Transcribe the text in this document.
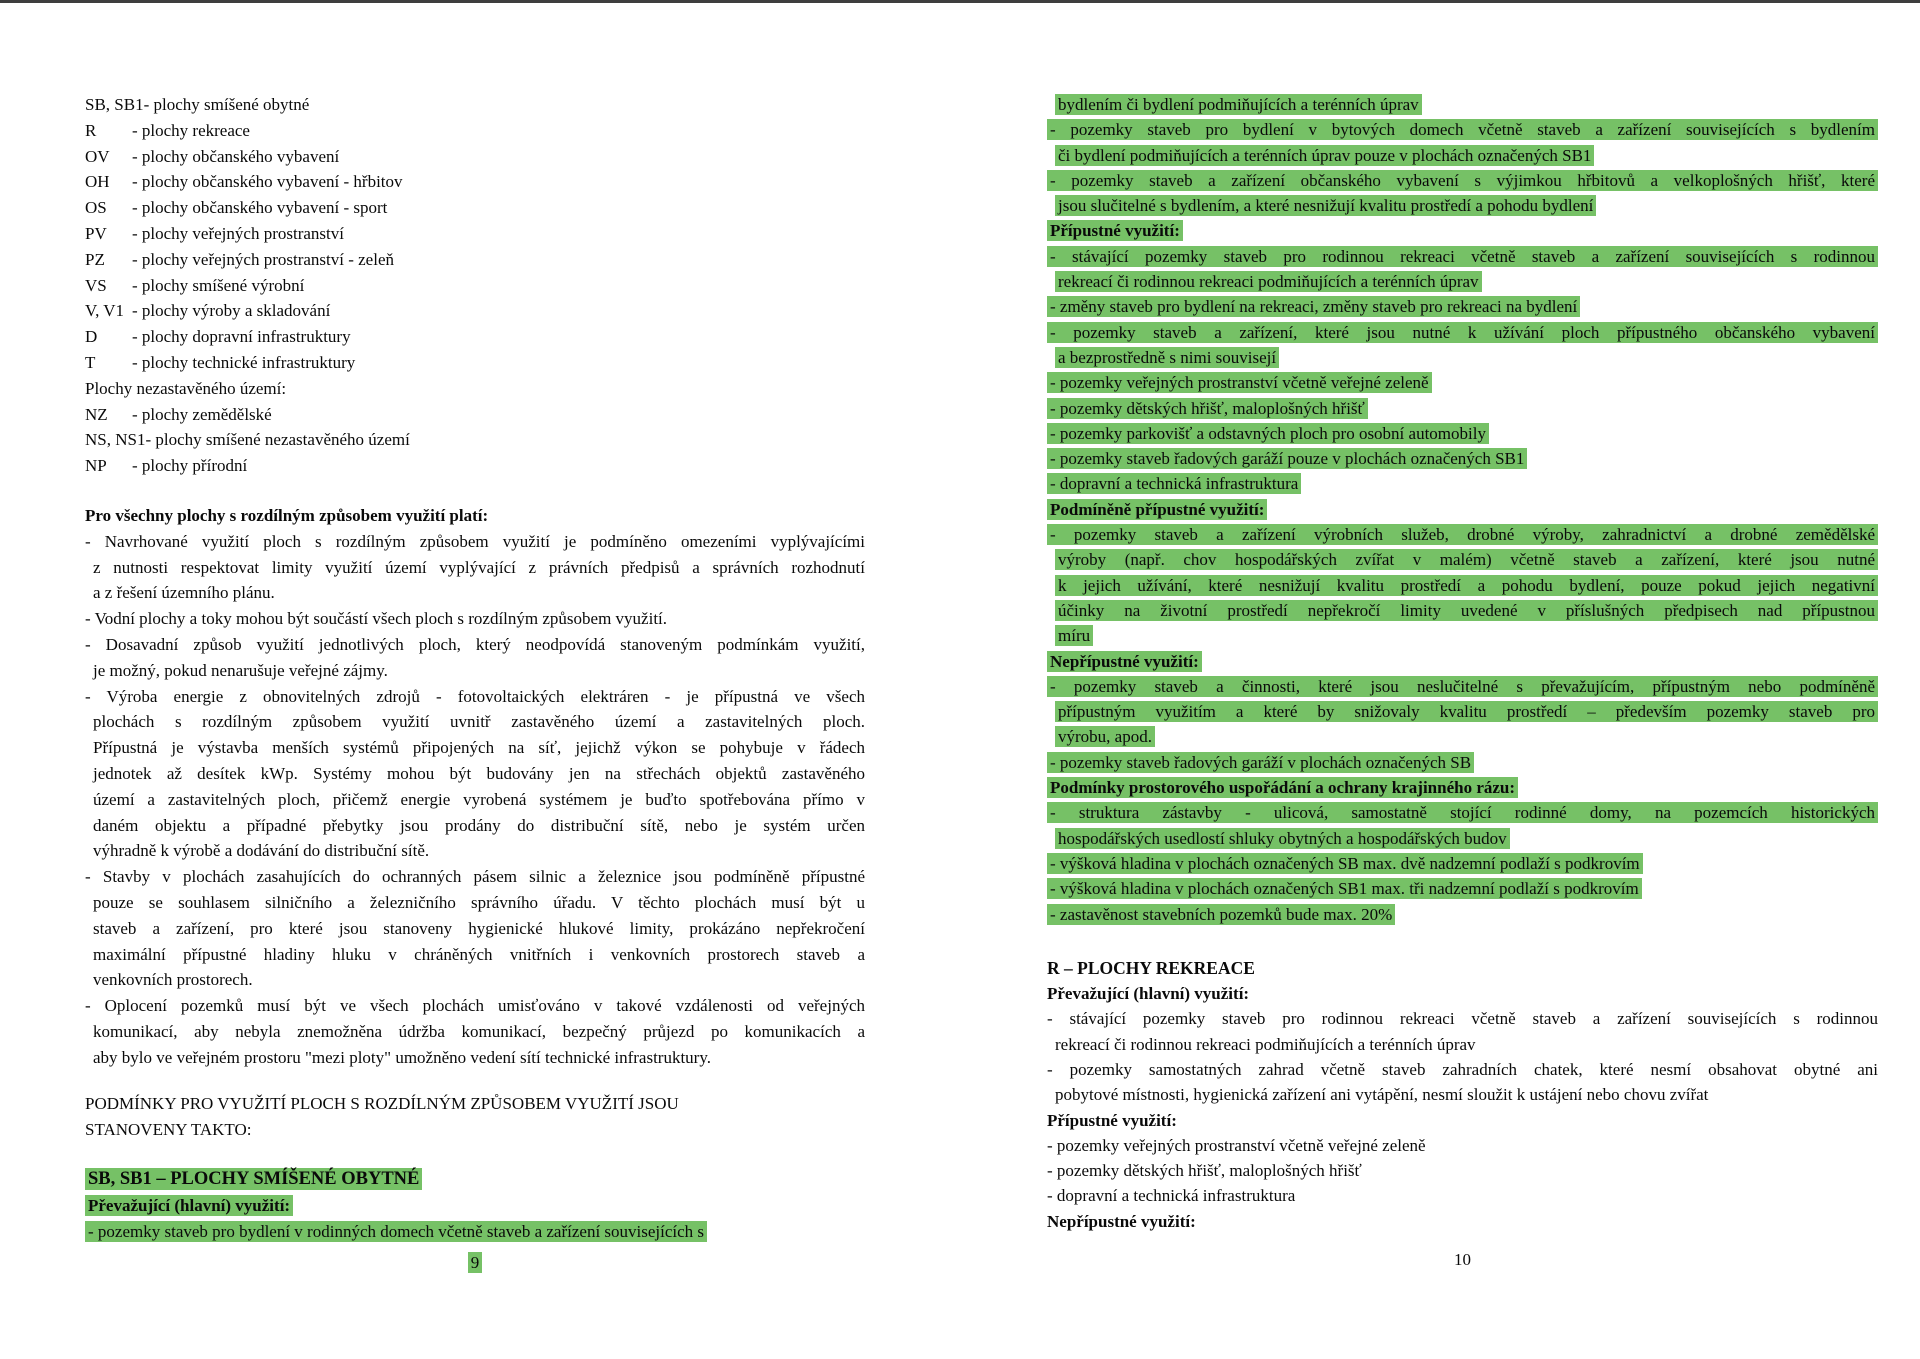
SB, SB1 - plochy smíšené obytné
R	- plochy rekreace
OV	- plochy občanského vybavení
OH	- plochy občanského vybavení - hřbitov
OS	- plochy občanského vybavení - sport
PV	- plochy veřejných prostranství
PZ	- plochy veřejných prostranství - zeleň
VS	- plochy smíšené výrobní
V, V1 - plochy výroby a skladování
D	- plochy dopravní infrastruktury
T	- plochy technické infrastruktury
Plochy nezastavěného území:
NZ	- plochy zemědělské
NS, NS1 - plochy smíšené nezastavěného území
NP	- plochy přírodní
Pro všechny plochy s rozdílným způsobem využití platí:
- Navrhované využití ploch s rozdílným způsobem využití je podmíněno omezeními vyplývajícími
z nutnosti respektovat limity využití území vyplývající z právních předpisů a správních rozhodnutí
a z řešení územního plánu.
- Vodní plochy a toky mohou být součástí všech ploch s rozdílným způsobem využití.
- Dosavadní způsob využití jednotlivých ploch, který neodpovídá stanoveným podmínkám využití,
je možný, pokud nenarušuje veřejné zájmy.
- Výroba energie z obnovitelných zdrojů - fotovoltaických elektráren - je přípustná ve všech
plochách s rozdílným způsobem využití uvnitř zastavěného území a zastavitelných ploch.
Přípustná je výstavba menších systémů připojených na síť, jejichž výkon se pohybuje v řádech
jednotek až desítek kWp. Systémy mohou být budovány jen na střechách objektů zastavěného
území a zastavitelných ploch, přičemž energie vyrobená systémem je buďto spotřebována přímo v
daném objektu a případné přebytky jsou prodány do distribuční sítě, nebo je systém určen
výhradně k výrobě a dodávání do distribuční sítě.
- Stavby v plochách zasahujících do ochranných pásem silnic a železnice jsou podmíněně přípustné
pouze se souhlasem silničního a železničního správního úřadu. V těchto plochách musí být u
staveb a zařízení, pro které jsou stanoveny hygienické hlukové limity, prokázáno nepřekročení
maximální přípustné hladiny hluku v chráněných vnitřních i venkovních prostorech staveb a
venkovních prostorech.
- Oplocení pozemků musí být ve všech plochách umisťováno v takové vzdálenosti od veřejných
komunikací, aby nebyla znemožněna údržba komunikací, bezpečný průjezd po komunikacích a
aby bylo ve veřejném prostoru "mezi ploty" umožněno vedení sítí technické infrastruktury.
PODMÍNKY PRO VYUŽITÍ PLOCH S ROZDÍLNÝM ZPŮSOBEM VYUŽITÍ JSOU
STANOVENY TAKTO:
SB, SB1 – PLOCHY SMÍŠENÉ OBYTNÉ
Převažující (hlavní) využití:
- pozemky staveb pro bydlení v rodinných domech včetně staveb a zařízení souvisejících s
9
bydlením či bydlení podmiňujících a terénních úprav
- pozemky staveb pro bydlení v bytových domech včetně staveb a zařízení souvisejících s bydlením
či bydlení podmiňujících a terénních úprav pouze v plochách označených SB1
- pozemky staveb a zařízení občanského vybavení s výjimkou hřbitovů a velkoplošných hřišť, které
jsou slučitelné s bydlením, a které nesnižují kvalitu prostředí a pohodu bydlení
Přípustné využití:
- stávající pozemky staveb pro rodinnou rekreaci včetně staveb a zařízení souvisejících s rodinnou
rekreací či rodinnou rekreaci podmiňujících a terénních úprav
- změny staveb pro bydlení na rekreaci, změny staveb pro rekreaci na bydlení
- pozemky staveb a zařízení, které jsou nutné k užívání ploch přípustného občanského vybavení
a bezprostředně s nimi souvisejí
- pozemky veřejných prostranství včetně veřejné zeleně
- pozemky dětských hřišť, maloplošných hřišť
- pozemky parkovišť a odstavných ploch pro osobní automobily
- pozemky staveb řadových garáží pouze v plochách označených SB1
- dopravní a technická infrastruktura
Podmíněně přípustné využití:
- pozemky staveb a zařízení výrobních služeb, drobné výroby, zahradnictví a drobné zemědělské
výroby (např. chov hospodářských zvířat v malém) včetně staveb a zařízení, které jsou nutné
k jejich užívání, které nesnižují kvalitu prostředí a pohodu bydlení, pouze pokud jejich negativní
účinky na životní prostředí nepřekročí limity uvedené v příslušných předpisech nad přípustnou
míru
Nepřípustné využití:
- pozemky staveb a činnosti, které jsou neslučitelné s převažujícím, přípustným nebo podmíněně
přípustným využitím a které by snižovaly kvalitu prostředí – především pozemky staveb pro
výrobu, apod.
- pozemky staveb řadových garáží v plochách označených SB
Podmínky prostorového uspořádání a ochrany krajinného rázu:
- struktura zástavby - ulicová, samostatně stojící rodinné domy, na pozemcích historických
hospodářských usedlostí shluky obytných a hospodářských budov
- výšková hladina v plochách označených SB max. dvě nadzemní podlaží s podkrovím
- výšková hladina v plochách označených SB1 max. tři nadzemní podlaží s podkrovím
- zastavěnost stavebních pozemků bude max. 20%
R – PLOCHY REKREACE
Převažující (hlavní) využití:
- stávající pozemky staveb pro rodinnou rekreaci včetně staveb a zařízení souvisejících s rodinnou
rekreací či rodinnou rekreaci podmiňujících a terénních úprav
- pozemky samostatných zahrad včetně staveb zahradních chatek, které nesmí obsahovat obytné ani
pobytové místnosti, hygienická zařízení ani vytápění, nesmí sloužit k ustájení nebo chovu zvířat
Přípustné využití:
- pozemky veřejných prostranství včetně veřejné zeleně
- pozemky dětských hřišť, maloplošných hřišť
- dopravní a technická infrastruktura
Nepřípustné využití:
10
